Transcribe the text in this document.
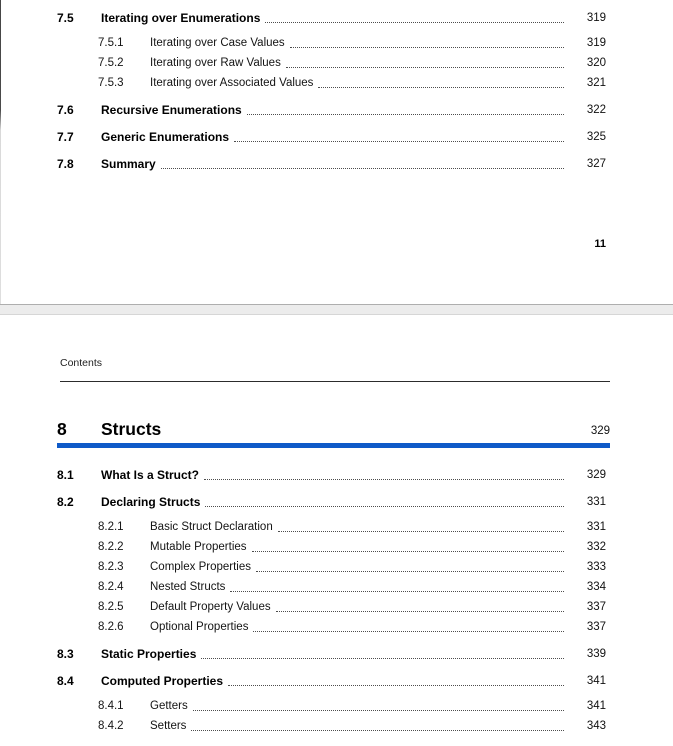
7.5	Iterating over Enumerations	319
7.5.1	Iterating over Case Values	319
7.5.2	Iterating over Raw Values	320
7.5.3	Iterating over Associated Values	321
7.6	Recursive Enumerations	322
7.7	Generic Enumerations	325
7.8	Summary	327
11
Contents
8	Structs	329
8.1	What Is a Struct?	329
8.2	Declaring Structs	331
8.2.1	Basic Struct Declaration	331
8.2.2	Mutable Properties	332
8.2.3	Complex Properties	333
8.2.4	Nested Structs	334
8.2.5	Default Property Values	337
8.2.6	Optional Properties	337
8.3	Static Properties	339
8.4	Computed Properties	341
8.4.1	Getters	341
8.4.2	Setters	343
